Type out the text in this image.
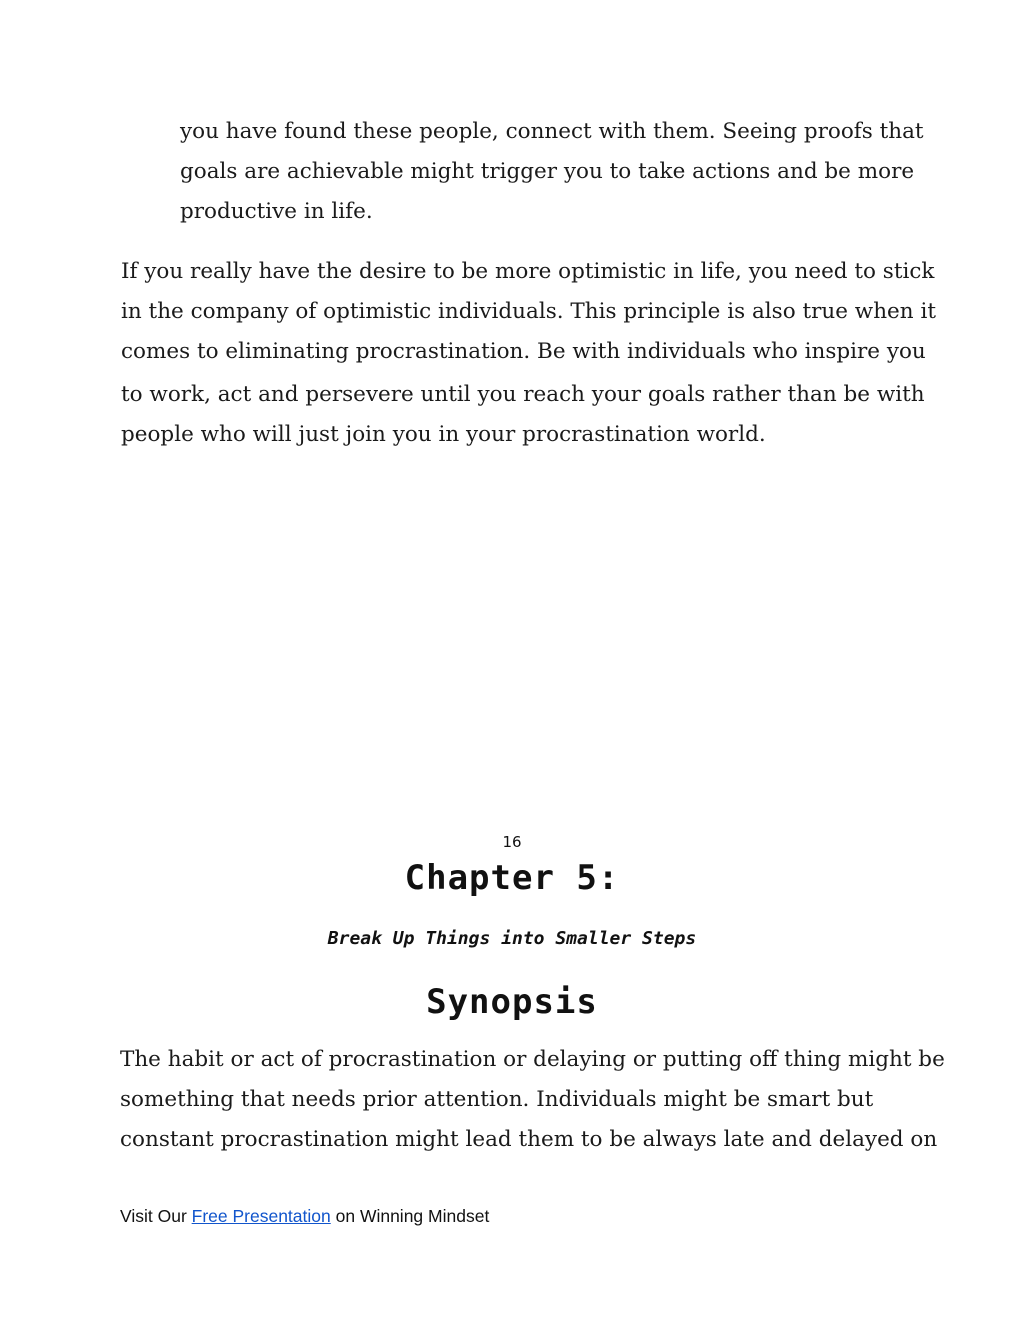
you have found these people, connect with them. Seeing proofs that
goals are achievable might trigger you to take actions and be more
productive in life.
If you really have the desire to be more optimistic in life, you need to stick
in the company of optimistic individuals. This principle is also true when it
comes to eliminating procrastination. Be with individuals who inspire you
to work, act and persevere until you reach your goals rather than be with
people who will just join you in your procrastination world.
16
Chapter 5:
Break Up Things into Smaller Steps
Synopsis
The habit or act of procrastination or delaying or putting off thing might be
something that needs prior attention. Individuals might be smart but
constant procrastination might lead them to be always late and delayed on
Visit Our Free Presentation on Winning Mindset
